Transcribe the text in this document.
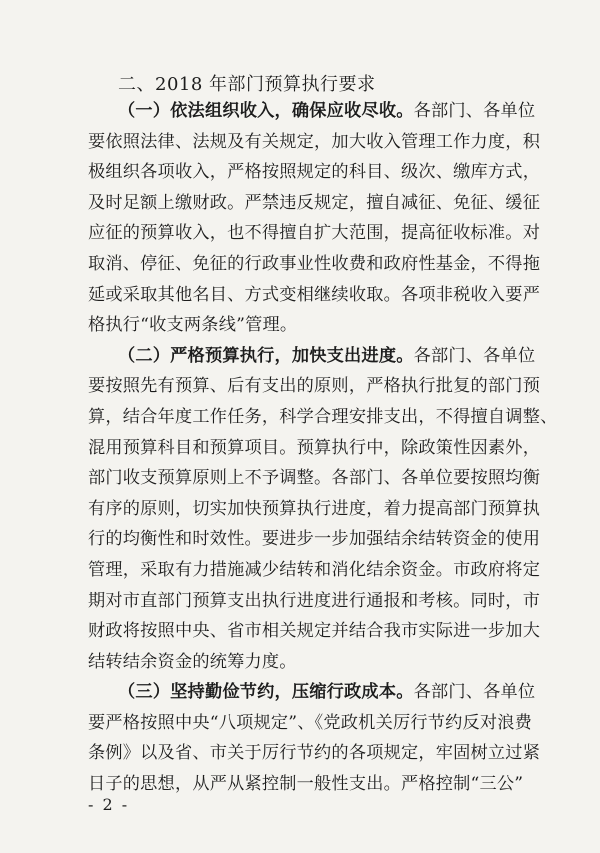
二、2018 年部门预算执行要求
（一）依法组织收入，确保应收尽收。各部门、各单位
要依照法律、法规及有关规定，加大收入管理工作力度，积
极组织各项收入，严格按照规定的科目、级次、缴库方式，
及时足额上缴财政。严禁违反规定，擅自减征、免征、缓征
应征的预算收入，也不得擅自扩大范围，提高征收标准。对
取消、停征、免征的行政事业性收费和政府性基金，不得拖
延或采取其他名目、方式变相继续收取。各项非税收入要严
格执行“收支两条线”管理。
（二）严格预算执行，加快支出进度。各部门、各单位
要按照先有预算、后有支出的原则，严格执行批复的部门预
算，结合年度工作任务，科学合理安排支出，不得擅自调整、
混用预算科目和预算项目。预算执行中，除政策性因素外，
部门收支预算原则上不予调整。各部门、各单位要按照均衡
有序的原则，切实加快预算执行进度，着力提高部门预算执
行的均衡性和时效性。要进步一步加强结余结转资金的使用
管理，采取有力措施减少结转和消化结余资金。市政府将定
期对市直部门预算支出执行进度进行通报和考核。同时，市
财政将按照中央、省市相关规定并结合我市实际进一步加大
结转结余资金的统筹力度。
（三）坚持勤俭节约，压缩行政成本。各部门、各单位
要严格按照中央“八项规定”、《党政机关厉行节约反对浪费
条例》以及省、市关于厉行节约的各项规定，牢固树立过紧
日子的思想，从严从紧控制一般性支出。严格控制“三公”
- 2 -
